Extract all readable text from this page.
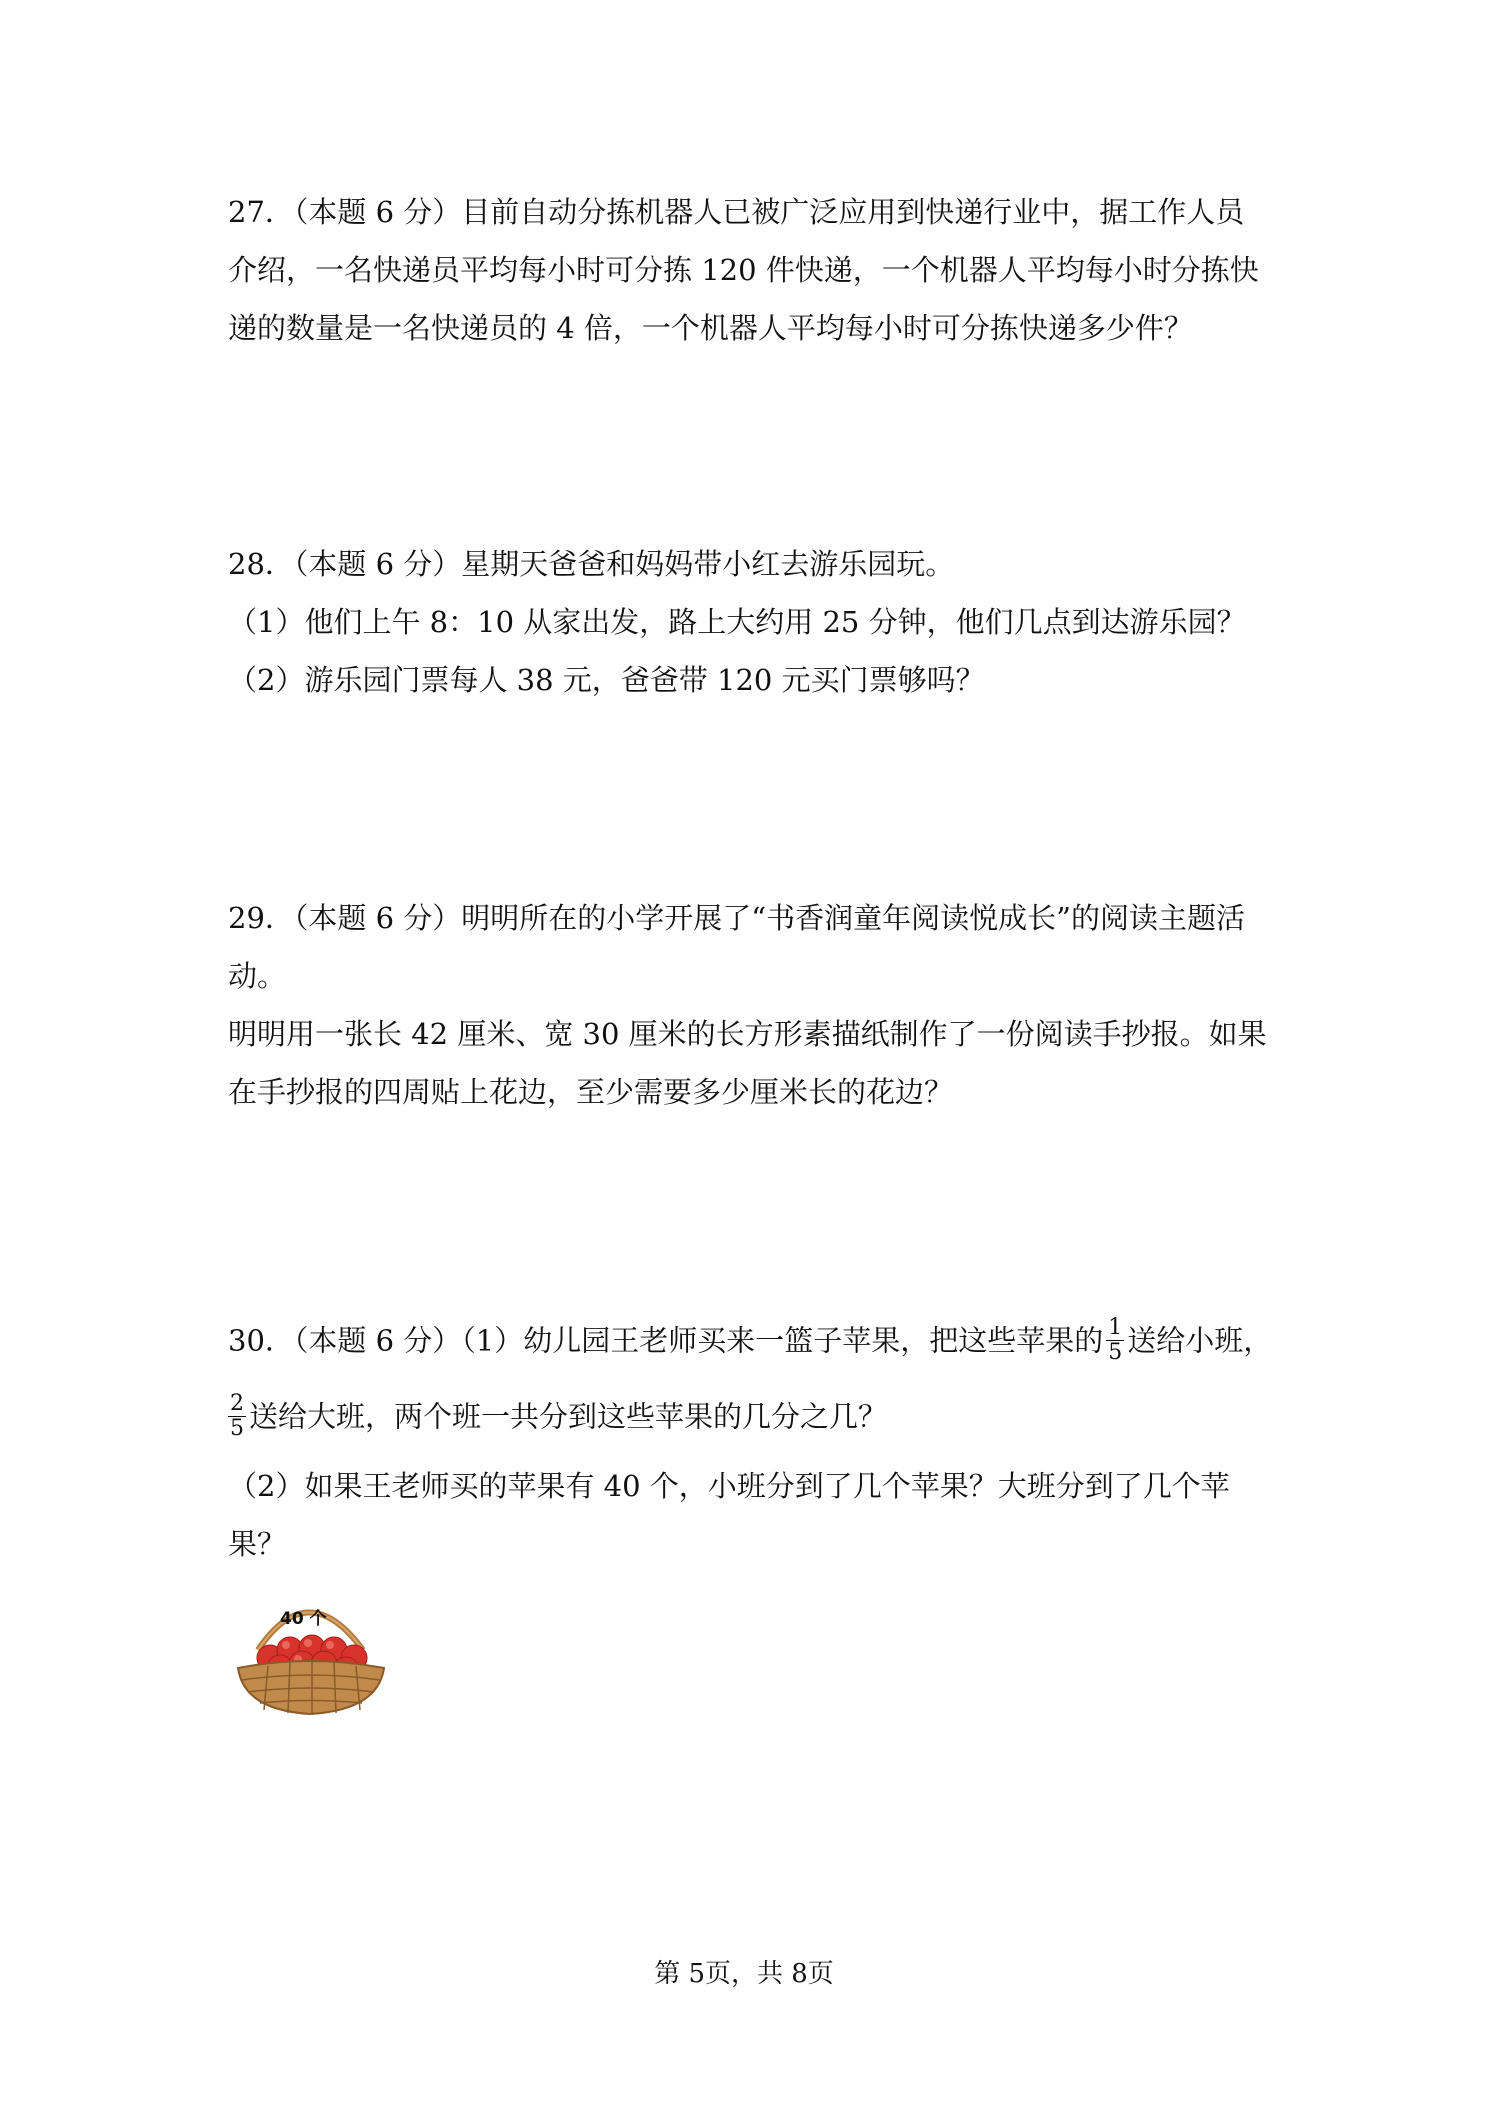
27．（本题 6 分）目前自动分拣机器人已被广泛应用到快递行业中，据工作人员
介绍，一名快递员平均每小时可分拣 120 件快递，一个机器人平均每小时分拣快
递的数量是一名快递员的 4 倍，一个机器人平均每小时可分拣快递多少件？
28．（本题 6 分）星期天爸爸和妈妈带小红去游乐园玩。
（1）他们上午 8：10 从家出发，路上大约用 25 分钟，他们几点到达游乐园？
（2）游乐园门票每人 38 元，爸爸带 120 元买门票够吗？
29．（本题 6 分）明明所在的小学开展了“书香润童年阅读悦成长”的阅读主题活
动。
明明用一张长 42 厘米、宽 30 厘米的长方形素描纸制作了一份阅读手抄报。如果
在手抄报的四周贴上花边，至少需要多少厘米长的花边？
30．（本题 6 分）（1）幼儿园王老师买来一篮子苹果，把这些苹果的 $\frac{1}{5}$ 送给小班，
$\frac{2}{5}$ 送给大班，两个班一共分到这些苹果的几分之几？
（2）如果王老师买的苹果有 40 个，小班分到了几个苹果？大班分到了几个苹
果？
40 个
第 5页，共 8页
